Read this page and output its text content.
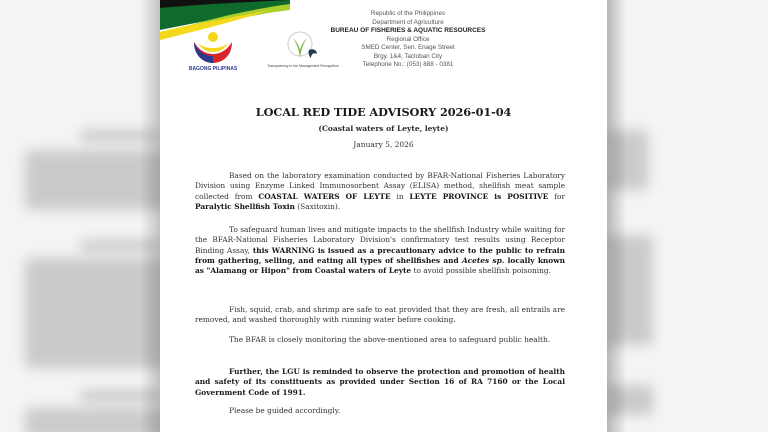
BAGONG PILIPINAS	Transparency in the Management Recognition
Republic of the Philippines
Department of Agriculture
BUREAU OF FISHERIES & AQUATIC RESOURCES
Regional Office
SMED Center, Sen. Enage Street
Brgy. 1&4, Tacloban City
Telephone No.: (053) 888 - 0381
LOCAL RED TIDE ADVISORY 2026-01-04
(Coastal waters of Leyte, leyte)
January 5, 2026

Based on the laboratory examination conducted by BFAR-National Fisheries Laboratory Division using Enzyme Linked Immunosorbent Assay (ELISA) method, shellfish meat sample collected from COASTAL WATERS OF LEYTE in LEYTE PROVINCE is POSITIVE for Paralytic Shellfish Toxin (Saxitoxin).

To safeguard human lives and mitigate impacts to the shellfish Industry while waiting for the BFAR-National Fisheries Laboratory Division's confirmatory test results using Receptor Binding Assay, this WARNING is issued as a precautionary advice to the public to refrain from gathering, selling, and eating all types of shellfishes and Acetes sp. locally known as "Alamang or Hipon" from Coastal waters of Leyte to avoid possible shellfish poisoning.

Fish, squid, crab, and shrimp are safe to eat provided that they are fresh, all entrails are removed, and washed thoroughly with running water before cooking.

The BFAR is closely monitoring the above-mentioned area to safeguard public health.

Further, the LGU is reminded to observe the protection and promotion of health and safety of its constituents as provided under Section 16 of RA 7160 or the Local Government Code of 1991.

Please be guided accordingly.
